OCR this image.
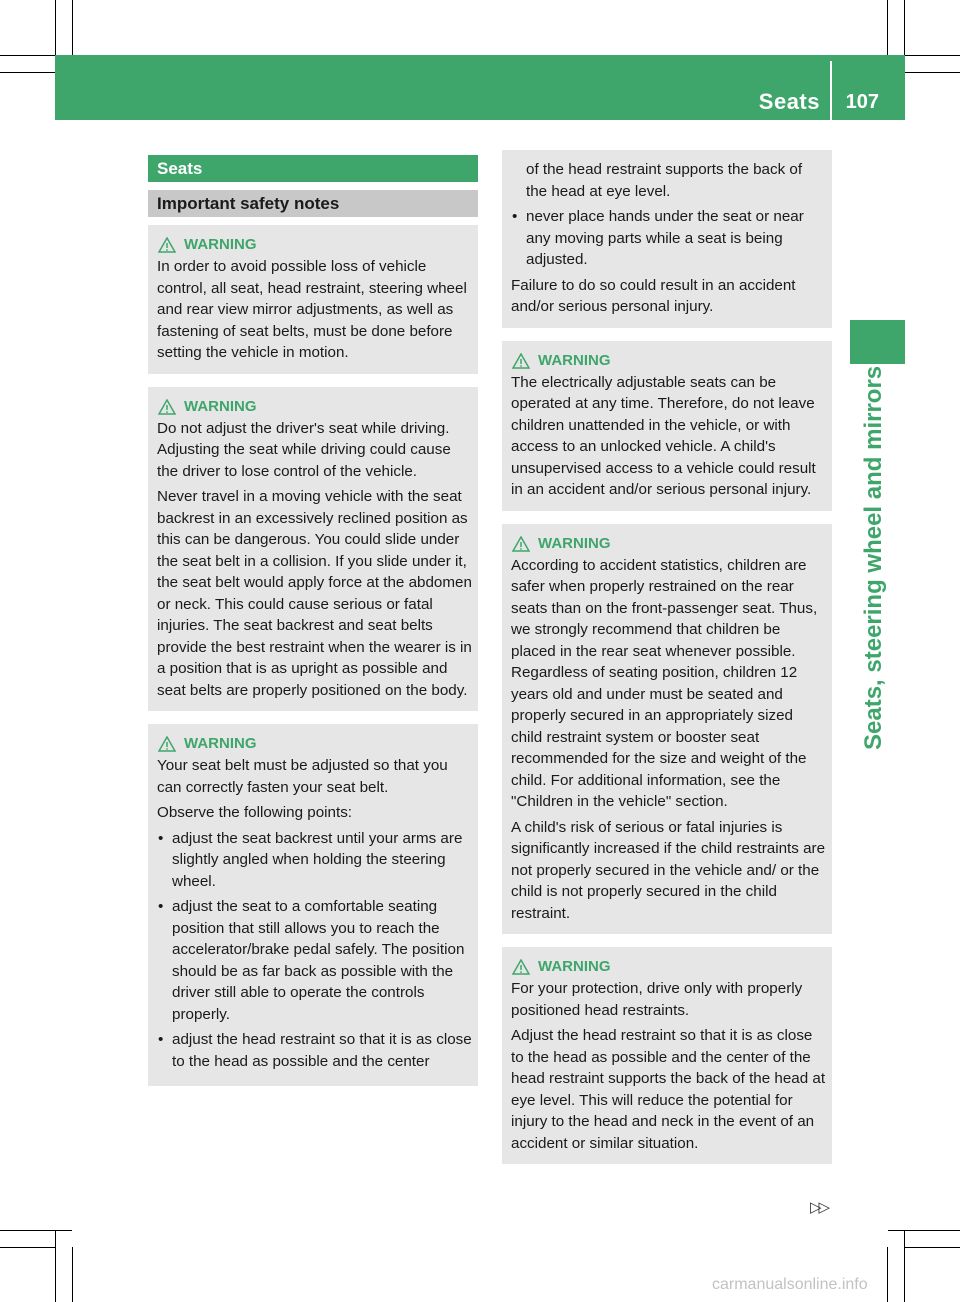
Seats 107
Seats, steering wheel and mirrors
Seats
Important safety notes
WARNING

In order to avoid possible loss of vehicle control, all seat, head restraint, steering wheel and rear view mirror adjustments, as well as fastening of seat belts, must be done before setting the vehicle in motion.

WARNING

Do not adjust the driver's seat while driving. Adjusting the seat while driving could cause the driver to lose control of the vehicle.

Never travel in a moving vehicle with the seat backrest in an excessively reclined position as this can be dangerous. You could slide under the seat belt in a collision. If you slide under it, the seat belt would apply force at the abdomen or neck. This could cause serious or fatal injuries. The seat backrest and seat belts provide the best restraint when the wearer is in a position that is as upright as possible and seat belts are properly positioned on the body.

WARNING

Your seat belt must be adjusted so that you can correctly fasten your seat belt.

Observe the following points:

• adjust the seat backrest until your arms are slightly angled when holding the steering wheel.
• adjust the seat to a comfortable seating position that still allows you to reach the accelerator/brake pedal safely. The position should be as far back as possible with the driver still able to operate the controls properly.
• adjust the head restraint so that it is as close to the head as possible and the center

of the head restraint supports the back of the head at eye level.

• never place hands under the seat or near any moving parts while a seat is being adjusted.

Failure to do so could result in an accident and/or serious personal injury.

WARNING

The electrically adjustable seats can be operated at any time. Therefore, do not leave children unattended in the vehicle, or with access to an unlocked vehicle. A child's unsupervised access to a vehicle could result in an accident and/or serious personal injury.

WARNING

According to accident statistics, children are safer when properly restrained on the rear seats than on the front-passenger seat. Thus, we strongly recommend that children be placed in the rear seat whenever possible. Regardless of seating position, children 12 years old and under must be seated and properly secured in an appropriately sized child restraint system or booster seat recommended for the size and weight of the child. For additional information, see the "Children in the vehicle" section.

A child's risk of serious or fatal injuries is significantly increased if the child restraints are not properly secured in the vehicle and/ or the child is not properly secured in the child restraint.

WARNING

For your protection, drive only with properly positioned head restraints.

Adjust the head restraint so that it is as close to the head as possible and the center of the head restraint supports the back of the head at eye level. This will reduce the potential for injury to the head and neck in the event of an accident or similar situation.

▷▷
carmanualsonline.info
